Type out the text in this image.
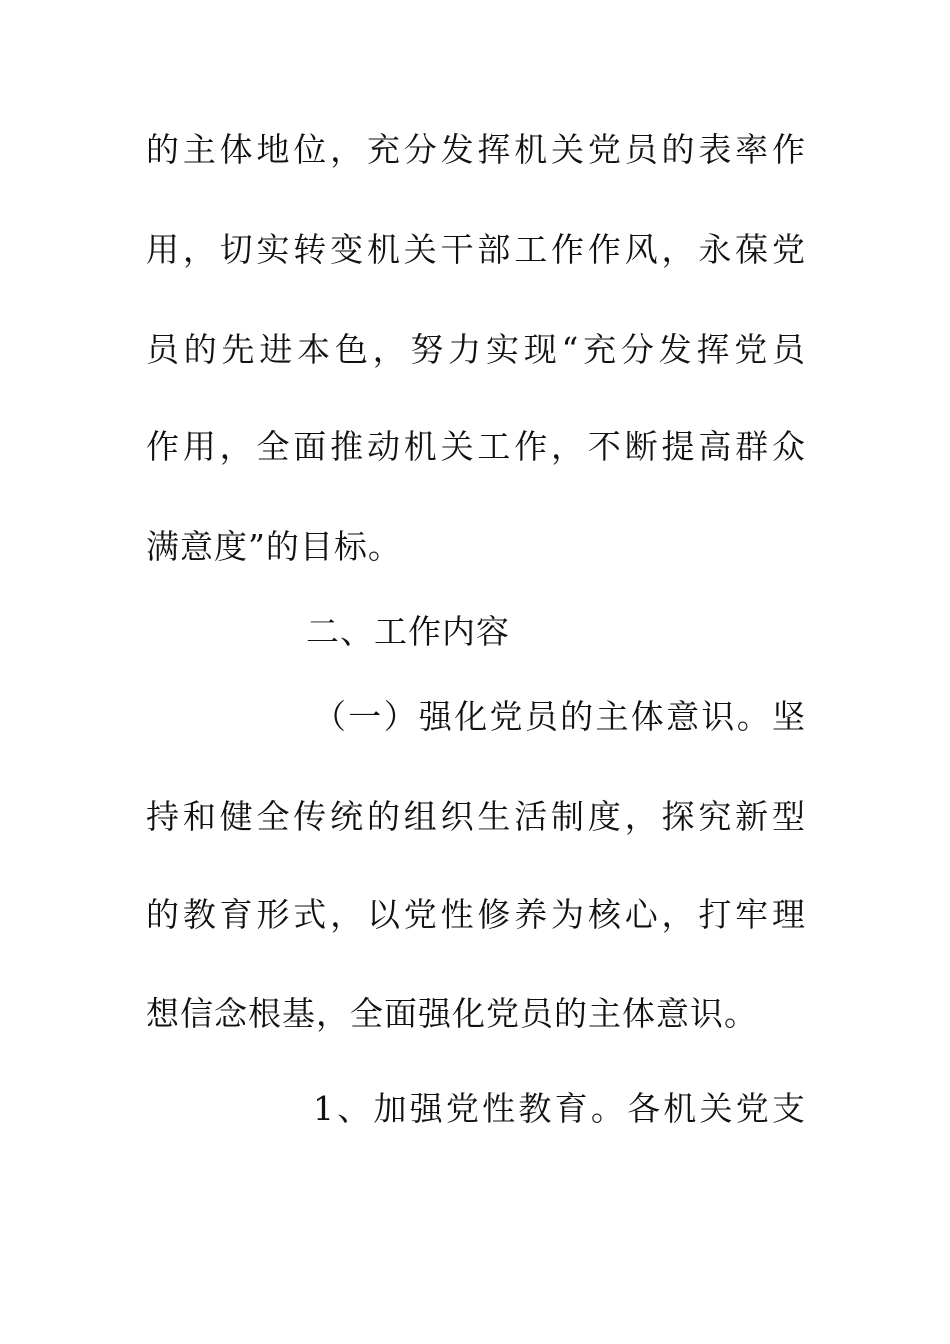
的主体地位，充分发挥机关党员的表率作
用，切实转变机关干部工作作风，永葆党
员的先进本色，努力实现“充分发挥党员
作用，全面推动机关工作，不断提高群众
满意度”的目标。
二、工作内容
（一）强化党员的主体意识。坚
持和健全传统的组织生活制度，探究新型
的教育形式，以党性修养为核心，打牢理
想信念根基，全面强化党员的主体意识。
1、加强党性教育。各机关党支
